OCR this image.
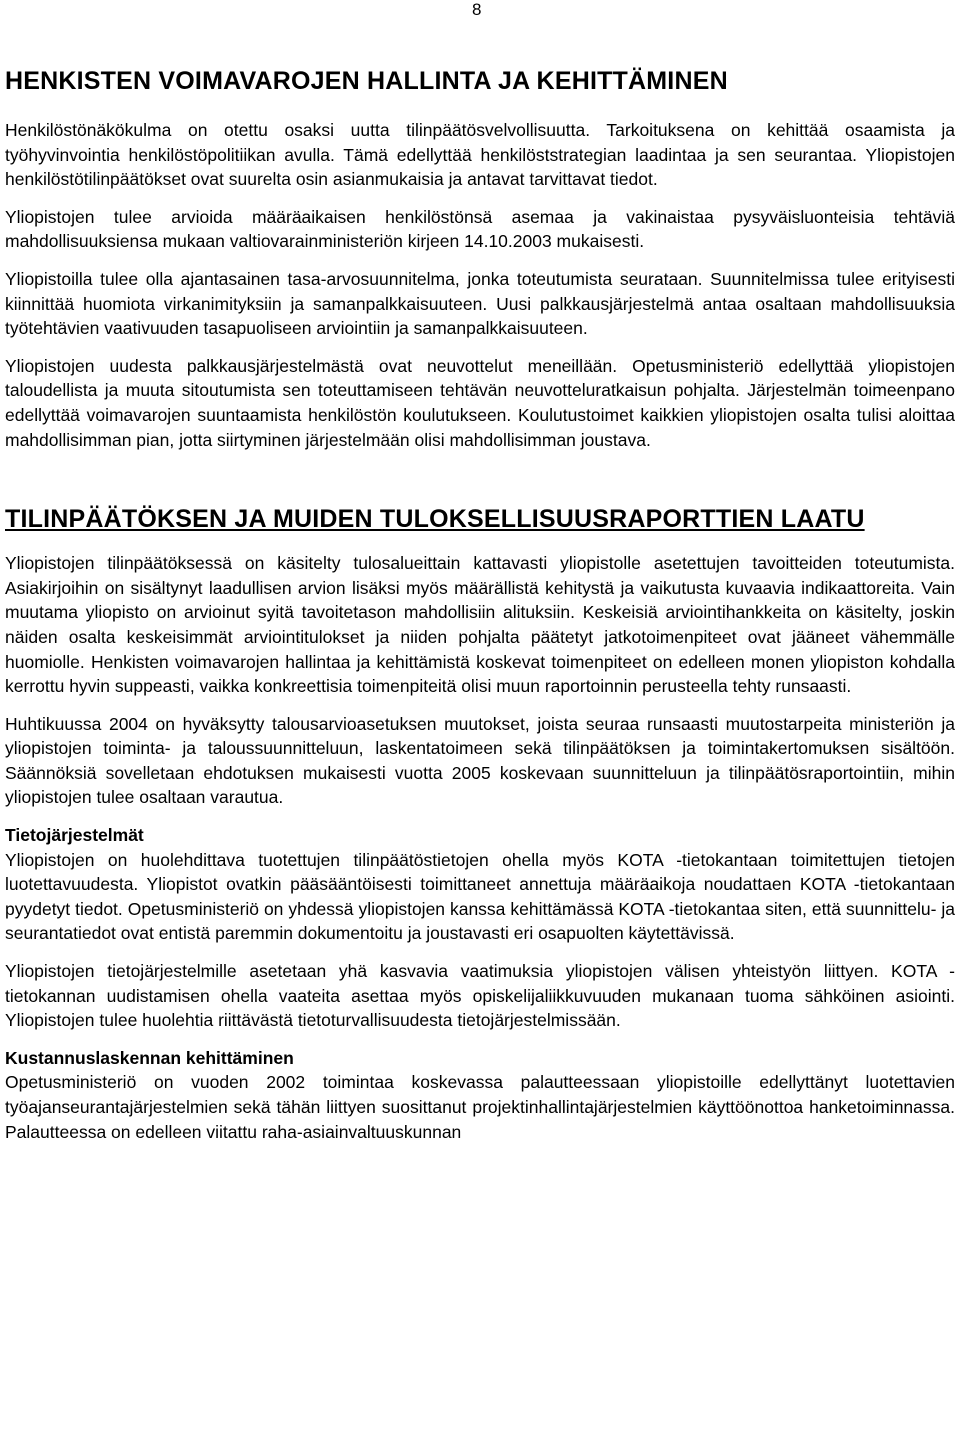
8
HENKISTEN VOIMAVAROJEN HALLINTA JA KEHITTÄMINEN

Henkilöstönäkökulma on otettu osaksi uutta tilinpäätösvelvollisuutta. Tarkoituksena on kehittää osaamista ja työhyvinvointia henkilöstöpolitiikan avulla. Tämä edellyttää henkilöststrategian laadintaa ja sen seurantaa. Yliopistojen henkilöstötilinpäätökset ovat suurelta osin asianmukaisia ja antavat tarvittavat tiedot.

Yliopistojen tulee arvioida määräaikaisen henkilöstönsä asemaa ja vakinaistaa pysyväisluonteisia tehtäviä mahdollisuuksiensa mukaan valtiovarainministeriön kirjeen 14.10.2003 mukaisesti.

Yliopistoilla tulee olla ajantasainen tasa-arvosuunnitelma, jonka toteutumista seurataan. Suunnitelmissa tulee erityisesti kiinnittää huomiota virkanimityksiin ja samanpalkkaisuuteen. Uusi palkkausjärjestelmä antaa osaltaan mahdollisuuksia työtehtävien vaativuuden tasapuoliseen arviointiin ja samanpalkkaisuuteen.

Yliopistojen uudesta palkkausjärjestelmästä ovat neuvottelut meneillään. Opetusministeriö edellyttää yliopistojen taloudellista ja muuta sitoutumista sen toteuttamiseen tehtävän neuvotteluratkaisun pohjalta. Järjestelmän toimeenpano edellyttää voimavarojen suuntaamista henkilöstön koulutukseen. Koulutustoimet kaikkien yliopistojen osalta tulisi aloittaa mahdollisimman pian, jotta siirtyminen järjestelmään olisi mahdollisimman joustava.

TILINPÄÄTÖKSEN JA MUIDEN TULOKSELLISUUSRAPORTTIEN LAATU

Yliopistojen tilinpäätöksessä on käsitelty tulosalueittain kattavasti yliopistolle asetettujen tavoitteiden toteutumista. Asiakirjoihin on sisältynyt laadullisen arvion lisäksi myös määrällistä kehitystä ja vaikutusta kuvaavia indikaattoreita. Vain muutama yliopisto on arvioinut syitä tavoitetason mahdollisiin alituksiin. Keskeisiä arviointihankkeita on käsitelty, joskin näiden osalta keskeisimmät arviointitulokset ja niiden pohjalta päätetyt jatkotoimenpiteet ovat jääneet vähemmälle huomiolle. Henkisten voimavarojen hallintaa ja kehittämistä koskevat toimenpiteet on edelleen monen yliopiston kohdalla kerrottu hyvin suppeasti, vaikka konkreettisia toimenpiteitä olisi muun raportoinnin perusteella tehty runsaasti.

Huhtikuussa 2004 on hyväksytty talousarvioasetuksen muutokset, joista seuraa runsaasti muutostarpeita ministeriön ja yliopistojen toiminta- ja taloussuunnitteluun, laskentatoimeen sekä tilinpäätöksen ja toimintakertomuksen sisältöön. Säännöksiä sovelletaan ehdotuksen mukaisesti vuotta 2005 koskevaan suunnitteluun ja tilinpäätösraportointiin, mihin yliopistojen tulee osaltaan varautua.

Tietojärjestelmät

Yliopistojen on huolehdittava tuotettujen tilinpäätöstietojen ohella myös KOTA -tietokantaan toimitettujen tietojen luotettavuudesta. Yliopistot ovatkin pääsääntöisesti toimittaneet annettuja määräaikoja noudattaen KOTA -tietokantaan pyydetyt tiedot. Opetusministeriö on yhdessä yliopistojen kanssa kehittämässä KOTA -tietokantaa siten, että suunnittelu- ja seurantatiedot ovat entistä paremmin dokumentoitu ja joustavasti eri osapuolten käytettävissä.

Yliopistojen tietojärjestelmille asetetaan yhä kasvavia vaatimuksia yliopistojen välisen yhteistyön liittyen. KOTA -tietokannan uudistamisen ohella vaateita asettaa myös opiskelijaliikkuvuuden mukanaan tuoma sähköinen asiointi. Yliopistojen tulee huolehtia riittävästä tietoturvallisuudesta tietojärjestelmissään.

Kustannuslaskennan kehittäminen

Opetusministeriö on vuoden 2002 toimintaa koskevassa palautteessaan yliopistoille edellyttänyt luotettavien työajanseurantajärjestelmien sekä tähän liittyen suosittanut projektinhallintajärjestelmien käyttöönottoa hanketoiminnassa. Palautteessa on edelleen viitattu raha-asiainvaltuuskunnan
